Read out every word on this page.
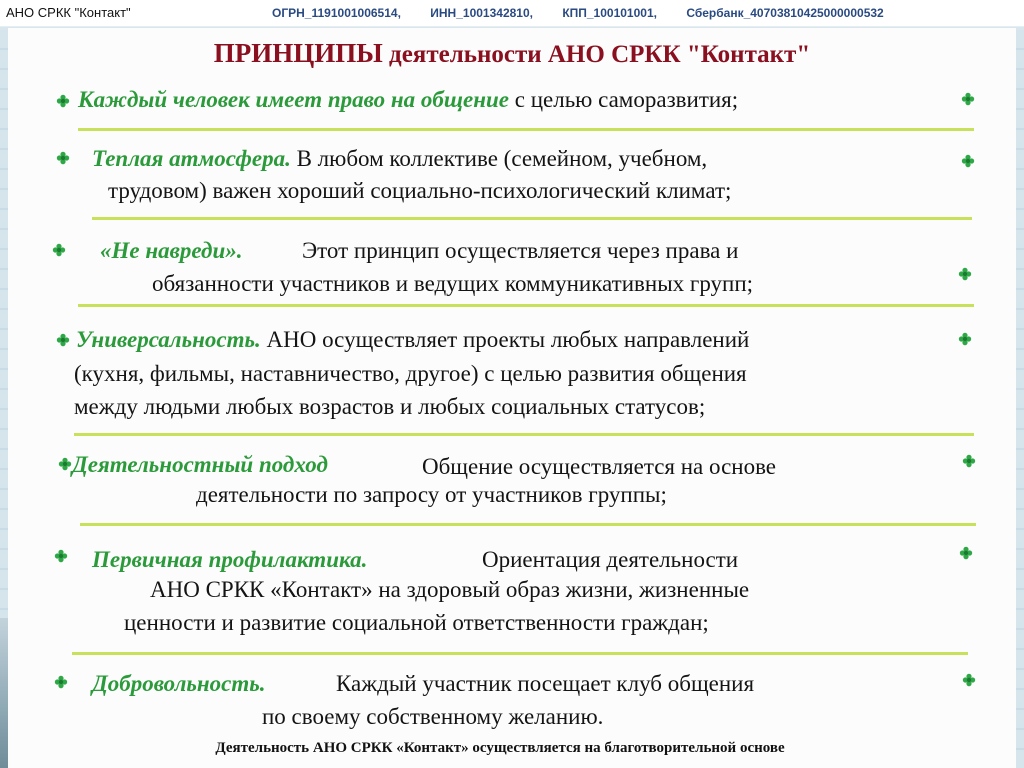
АНО СРКК "Контакт"	ОГРН_1191001006514, ИНН_1001342810, КПП_100101001, Сбербанк_40703810425000000532
ПРИНЦИПЫ деятельности АНО СРКК "Контакт"
Каждый человек имеет право на общение с целью саморазвития;
Теплая атмосфера. В любом коллективе (семейном, учебном,
трудовом) важен хороший социально-психологический климат;
«Не навреди».	Этот принцип осуществляется через права и
обязанности участников и ведущих коммуникативных групп;
Универсальность. АНО осуществляет проекты любых направлений
(кухня, фильмы, наставничество, другое) с целью развития общения
между людьми любых возрастов и любых социальных статусов;
Деятельностный подход	Общение осуществляется на основе
деятельности по запросу от участников группы;
Первичная профилактика.	Ориентация деятельности
АНО СРКК «Контакт» на здоровый образ жизни, жизненные
ценности и развитие социальной ответственности граждан;
Добровольность.	Каждый участник посещает клуб общения
по своему собственному желанию.
Деятельность АНО СРКК «Контакт» осуществляется на благотворительной основе
